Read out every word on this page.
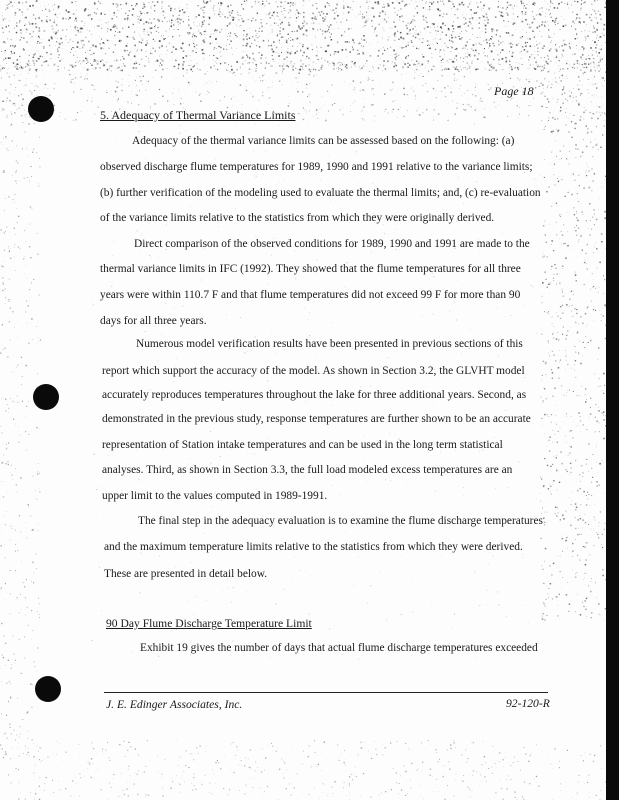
Page 18
5. Adequacy of Thermal Variance Limits
Adequacy of the thermal variance limits can be assessed based on the following: (a)
observed discharge flume temperatures for 1989, 1990 and 1991 relative to the variance limits;
(b) further verification of the modeling used to evaluate the thermal limits; and, (c) re-evaluation
of the variance limits relative to the statistics from which they were originally derived.
Direct comparison of the observed conditions for 1989, 1990 and 1991 are made to the
thermal variance limits in IFC (1992). They showed that the flume temperatures for all three
years were within 110.7 F and that flume temperatures did not exceed 99 F for more than 90
days for all three years.
Numerous model verification results have been presented in previous sections of this
report which support the accuracy of the model. As shown in Section 3.2, the GLVHT model
accurately reproduces temperatures throughout the lake for three additional years. Second, as
demonstrated in the previous study, response temperatures are further shown to be an accurate
representation of Station intake temperatures and can be used in the long term statistical
analyses. Third, as shown in Section 3.3, the full load modeled excess temperatures are an
upper limit to the values computed in 1989-1991.
The final step in the adequacy evaluation is to examine the flume discharge temperatures
and the maximum temperature limits relative to the statistics from which they were derived.
These are presented in detail below.
90 Day Flume Discharge Temperature Limit
Exhibit 19 gives the number of days that actual flume discharge temperatures exceeded
J. E. Edinger Associates, Inc.	92-120-R
